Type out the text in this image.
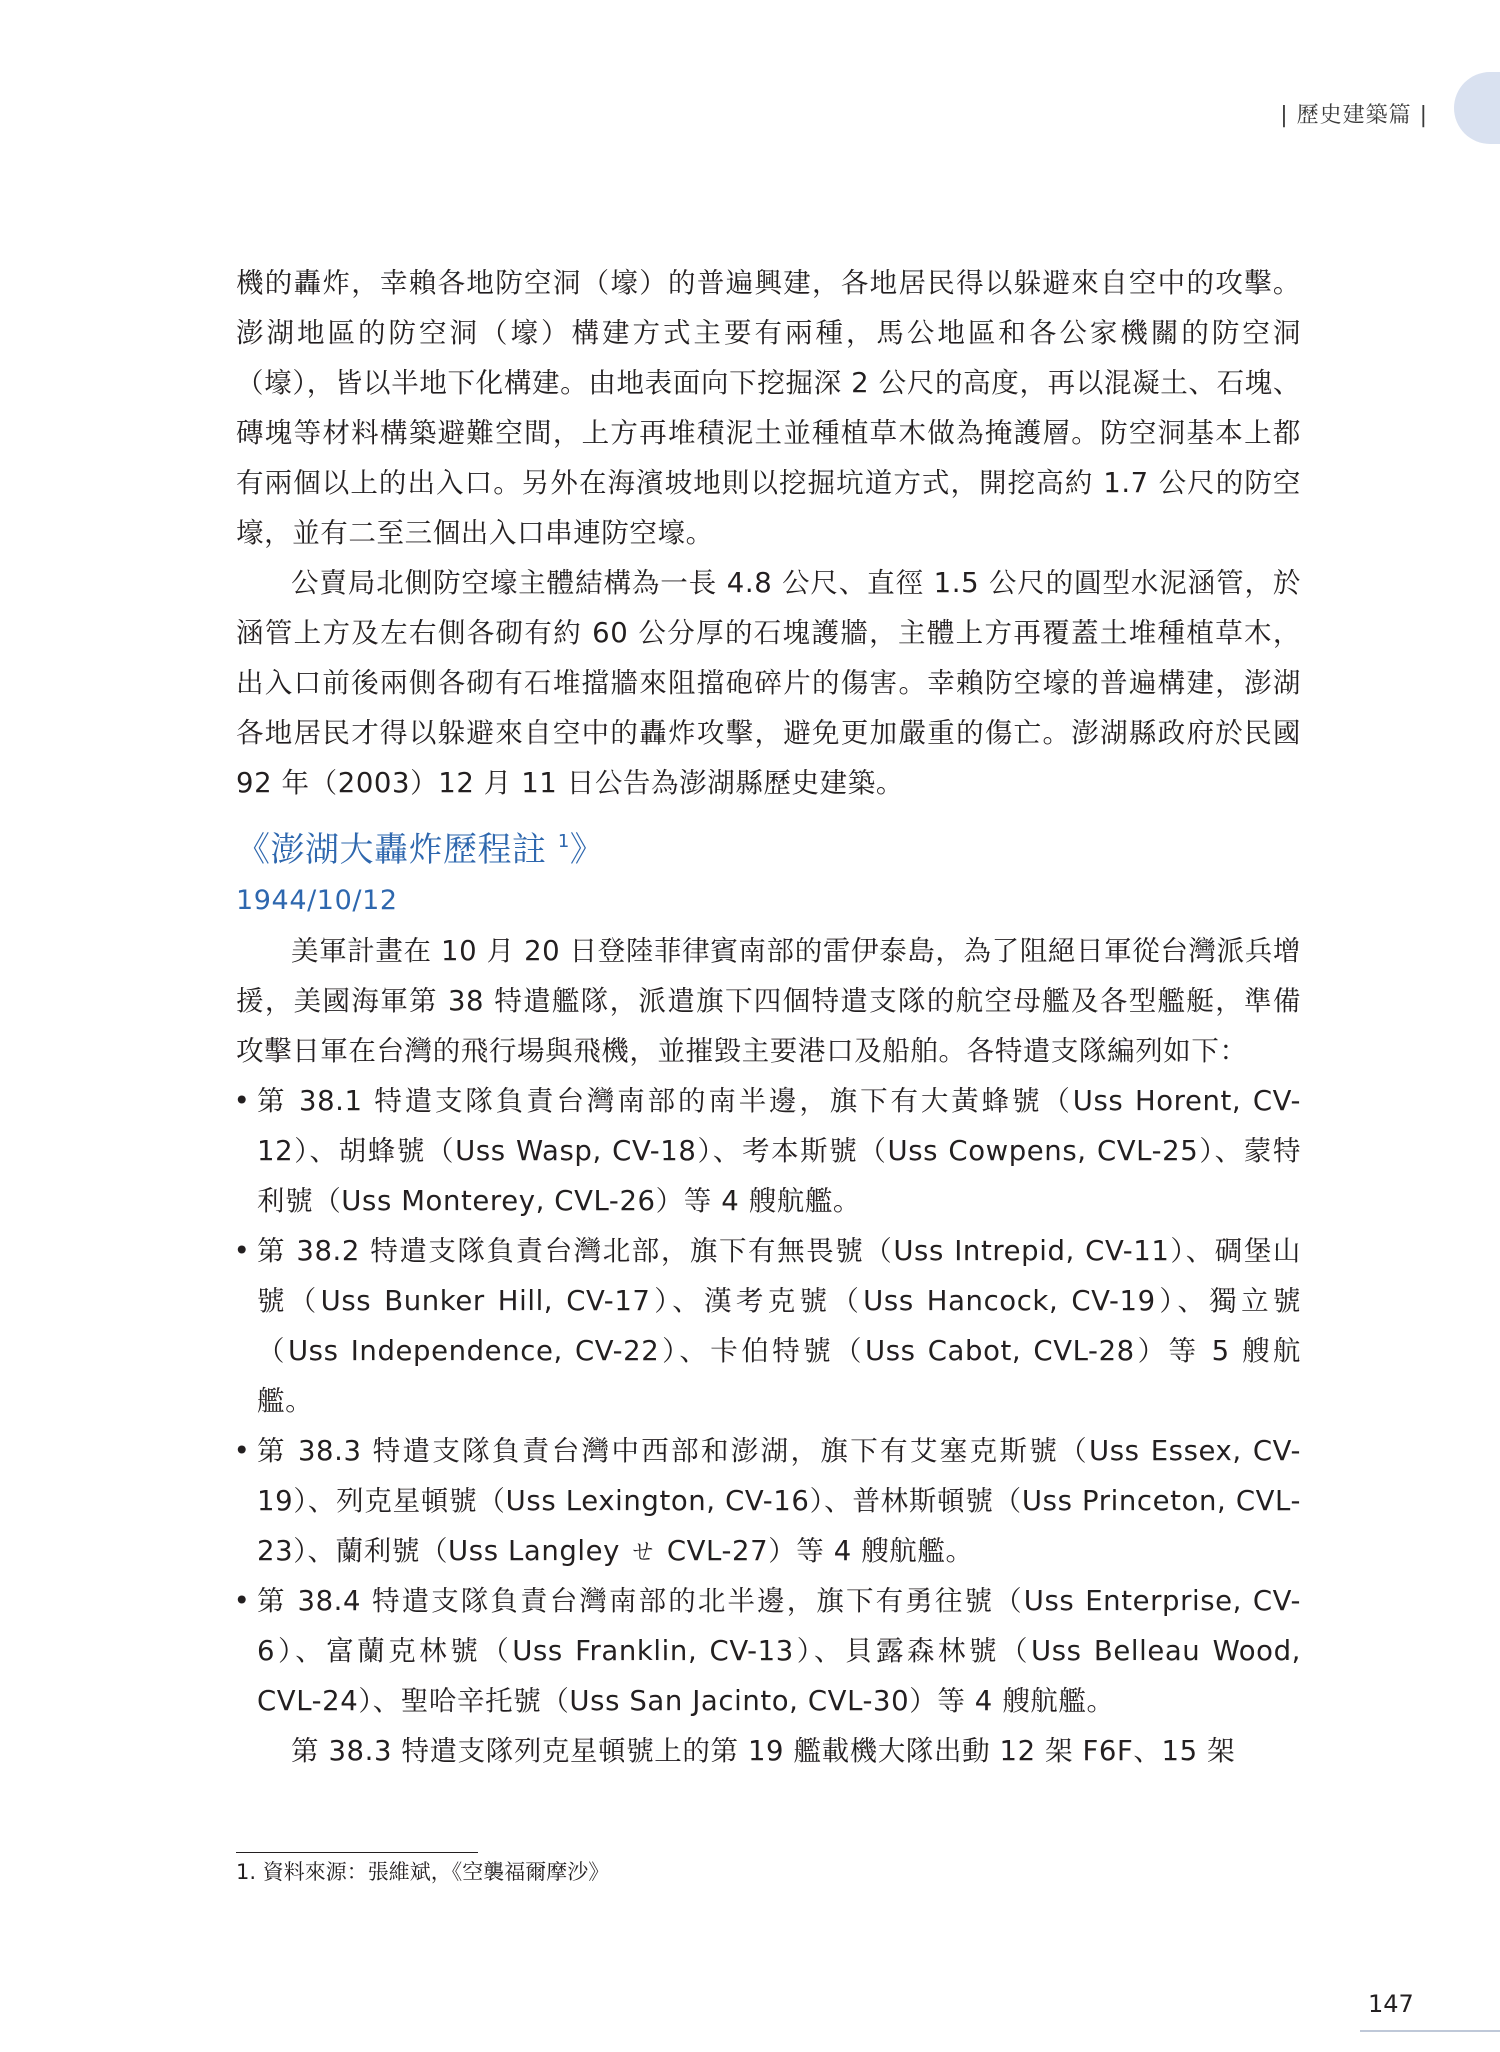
| 歷史建築篇 |

機的轟炸，幸賴各地防空洞（壕）的普遍興建，各地居民得以躲避來自空中的攻擊。澎湖地區的防空洞（壕）構建方式主要有兩種，馬公地區和各公家機關的防空洞（壕），皆以半地下化構建。由地表面向下挖掘深 2 公尺的高度，再以混凝土、石塊、磚塊等材料構築避難空間，上方再堆積泥土並種植草木做為掩護層。防空洞基本上都有兩個以上的出入口。另外在海濱坡地則以挖掘坑道方式，開挖高約 1.7 公尺的防空壕，並有二至三個出入口串連防空壕。

公賣局北側防空壕主體結構為一長 4.8 公尺、直徑 1.5 公尺的圓型水泥涵管，於涵管上方及左右側各砌有約 60 公分厚的石塊護牆，主體上方再覆蓋土堆種植草木，出入口前後兩側各砌有石堆擋牆來阻擋砲碎片的傷害。幸賴防空壕的普遍構建，澎湖各地居民才得以躲避來自空中的轟炸攻擊，避免更加嚴重的傷亡。澎湖縣政府於民國 92 年（2003）12 月 11 日公告為澎湖縣歷史建築。

《澎湖大轟炸歷程註 $^1$》
1944/10/12

美軍計畫在 10 月 20 日登陸菲律賓南部的雷伊泰島，為了阻絕日軍從台灣派兵增援，美國海軍第 38 特遣艦隊，派遣旗下四個特遣支隊的航空母艦及各型艦艇，準備攻擊日軍在台灣的飛行場與飛機，並摧毀主要港口及船舶。各特遣支隊編列如下：

• 第 38.1 特遣支隊負責台灣南部的南半邊，旗下有大黃蜂號（Uss Horent, CV-12）、胡蜂號（Uss Wasp, CV-18）、考本斯號（Uss Cowpens, CVL-25）、蒙特利號（Uss Monterey, CVL-26）等 4 艘航艦。
• 第 38.2 特遣支隊負責台灣北部，旗下有無畏號（Uss Intrepid, CV-11）、碉堡山號（Uss Bunker Hill, CV-17）、漢考克號（Uss Hancock, CV-19）、獨立號（Uss Independence, CV-22）、卡伯特號（Uss Cabot, CVL-28）等 5 艘航艦。
• 第 38.3 特遣支隊負責台灣中西部和澎湖，旗下有艾塞克斯號（Uss Essex, CV-19）、列克星頓號（Uss Lexington, CV-16）、普林斯頓號（Uss Princeton, CVL-23）、蘭利號（Uss Langley ㄝ CVL-27）等 4 艘航艦。
• 第 38.4 特遣支隊負責台灣南部的北半邊，旗下有勇往號（Uss Enterprise, CV-6）、富蘭克林號（Uss Franklin, CV-13）、貝露森林號（Uss Belleau Wood, CVL-24）、聖哈辛托號（Uss San Jacinto, CVL-30）等 4 艘航艦。

第 38.3 特遣支隊列克星頓號上的第 19 艦載機大隊出動 12 架 F6F、15 架

1. 資料來源：張維斌，《空襲福爾摩沙》
147
